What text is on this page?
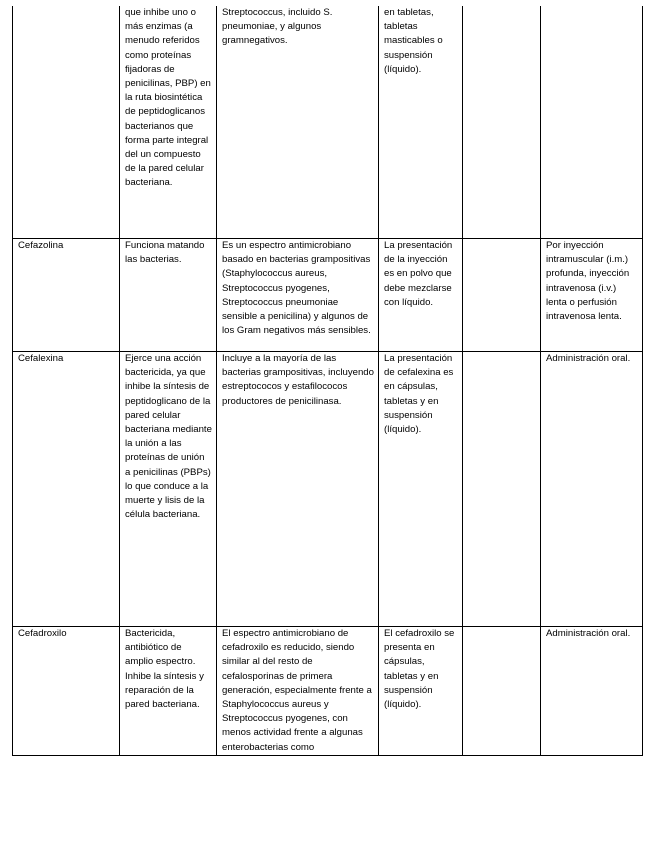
	que inhibe uno o más enzimas (a menudo referidos como proteínas fijadoras de penicilinas, PBP) en la ruta biosintética de peptidoglicanos bacterianos que forma parte integral del un compuesto de la pared celular bacteriana.	Streptococcus, incluido S. pneumoniae, y algunos gramnegativos.	en tabletas, tabletas masticables o suspensión (líquido).		
Cefazolina	Funciona matando las bacterias.	Es un espectro antimicrobiano basado en bacterias grampositivas (Staphylococcus aureus, Streptococcus pyogenes, Streptococcus pneumoniae sensible a penicilina) y algunos de los Gram negativos más sensibles.	La presentación de la inyección es en polvo que debe mezclarse con líquido.		Por inyección intramuscular (i.m.) profunda, inyección intravenosa (i.v.) lenta o perfusión intravenosa lenta.
Cefalexina	Ejerce una acción bactericida, ya que inhibe la síntesis de peptidoglicano de la pared celular bacteriana mediante la unión a las proteínas de unión a penicilinas (PBPs) lo que conduce a la muerte y lisis de la célula bacteriana.	Incluye a la mayoría de las bacterias grampositivas, incluyendo estreptococos y estafilococos productores de penicilinasa.	La presentación de cefalexina es en cápsulas, tabletas y en suspensión (líquido).		Administración oral.
Cefadroxilo	Bactericida, antibiótico de amplio espectro. Inhibe la síntesis y reparación de la pared bacteriana.	El espectro antimicrobiano de cefadroxilo es reducido, siendo similar al del resto de cefalosporinas de primera generación, especialmente frente a Staphylococcus aureus y Streptococcus pyogenes, con menos actividad frente a algunas enterobacterias como	El cefadroxilo se presenta en cápsulas, tabletas y en suspensión (líquido).		Administración oral.
